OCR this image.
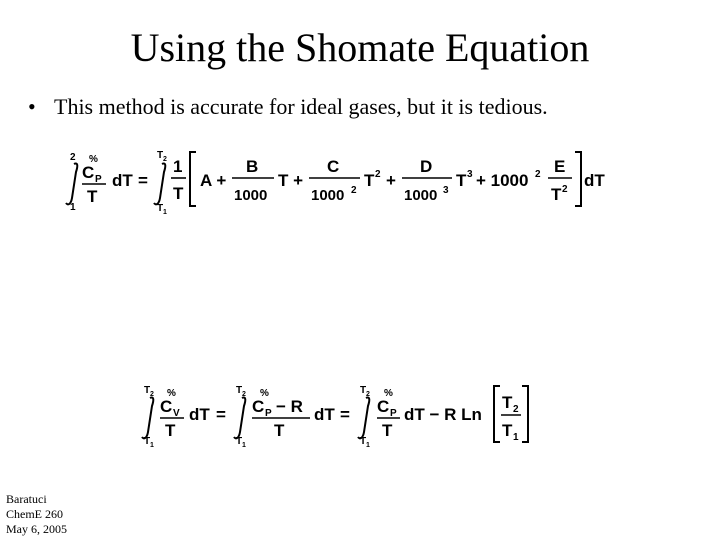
Using the Shomate Equation
• This method is accurate for ideal gases, but it is tedious.
2
1
%
C P
T
dT =
T 2
T 1
1
T
A +
B
1000
T +
C
1000 2
T 2 +
D
1000 3
T 3 + 1000 2 E
T 2 dT
T 2
T 1
%
C V
T
dT =
T 2
T 1
%
C P − R
T
dT =
T 2
T 1
%
C P
T
dT − R Ln
T 2
T 1
Baratuci
ChemE 260
May 6, 2005
